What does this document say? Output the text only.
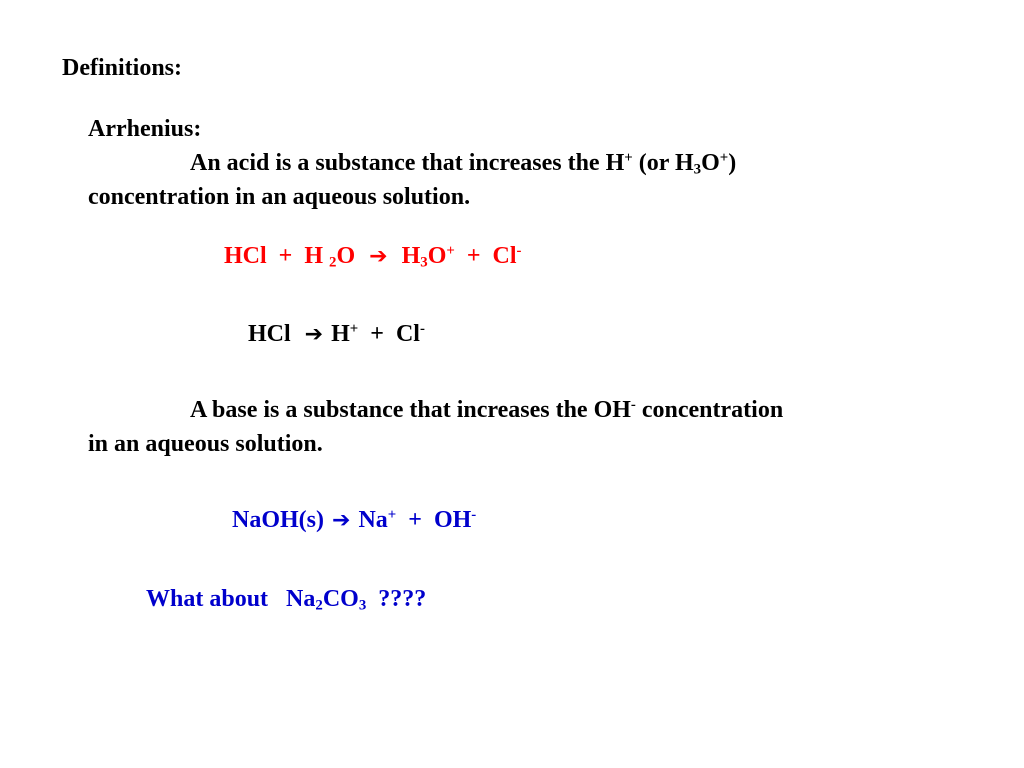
Definitions:
Arrhenius:
An acid is a substance that increases the H+ (or $H_3O^+$)
concentration in an aqueous solution.
HCl + H $_2$O ➔ $H_3O^+ + Cl^-$
HCl ➔ H+ + Cl-
A base is a substance that increases the OH- concentration
in an aqueous solution.
NaOH(s) ➔ Na+ + OH-
What about $Na_2CO_3$ ????
